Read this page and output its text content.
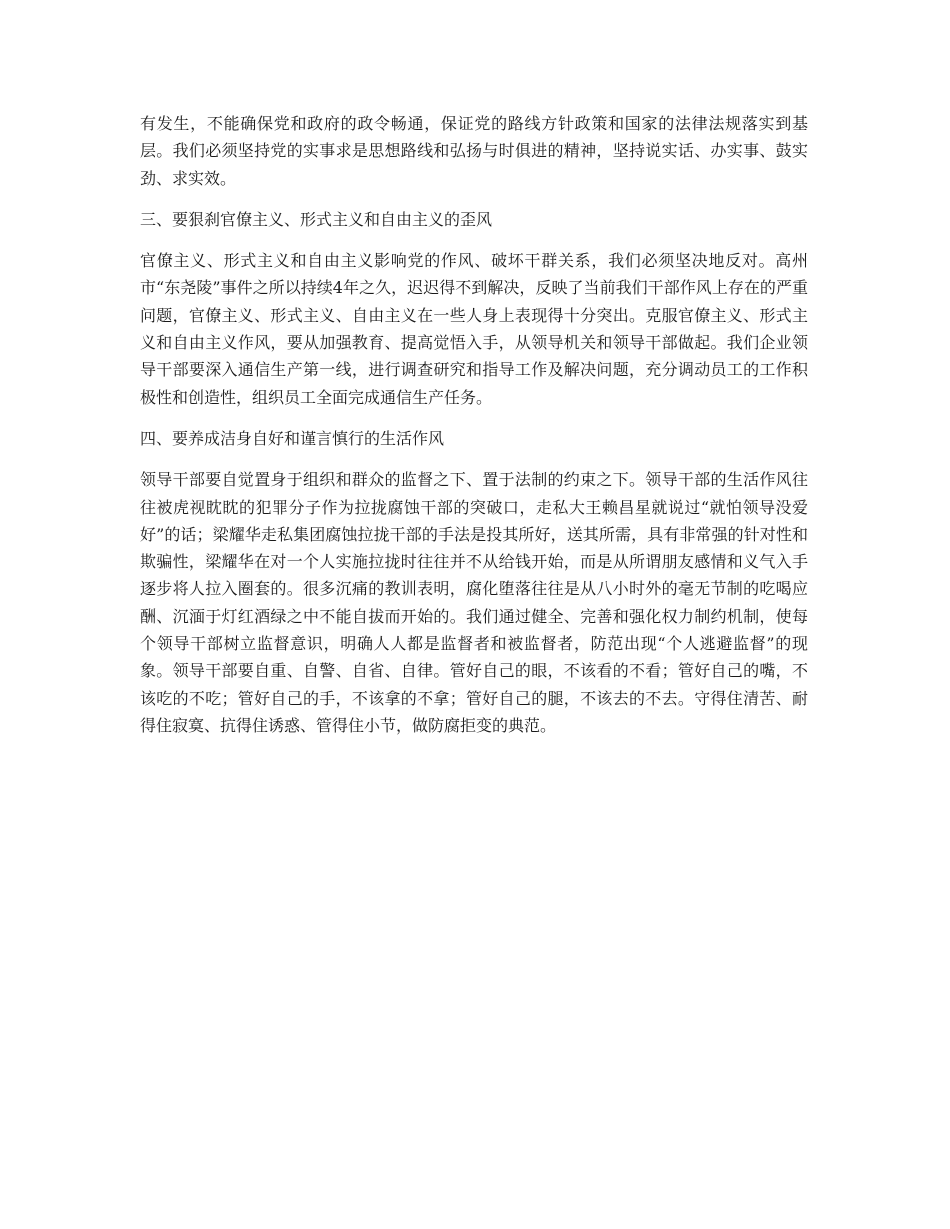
有发生，不能确保党和政府的政令畅通，保证党的路线方针政策和国家的法律法规落实到基层。我们必须坚持党的实事求是思想路线和弘扬与时俱进的精神，坚持说实话、办实事、鼓实劲、求实效。

三、要狠刹官僚主义、形式主义和自由主义的歪风

官僚主义、形式主义和自由主义影响党的作风、破坏干群关系，我们必须坚决地反对。高州市“东尧陵”事件之所以持续4年之久，迟迟得不到解决，反映了当前我们干部作风上存在的严重问题，官僚主义、形式主义、自由主义在一些人身上表现得十分突出。克服官僚主义、形式主义和自由主义作风，要从加强教育、提高觉悟入手，从领导机关和领导干部做起。我们企业领导干部要深入通信生产第一线，进行调查研究和指导工作及解决问题，充分调动员工的工作积极性和创造性，组织员工全面完成通信生产任务。

四、要养成洁身自好和谨言慎行的生活作风

领导干部要自觉置身于组织和群众的监督之下、置于法制的约束之下。领导干部的生活作风往往被虎视眈眈的犯罪分子作为拉拢腐蚀干部的突破口，走私大王赖昌星就说过“就怕领导没爱好”的话；梁耀华走私集团腐蚀拉拢干部的手法是投其所好，送其所需，具有非常强的针对性和欺骗性，梁耀华在对一个人实施拉拢时往往并不从给钱开始，而是从所谓朋友感情和义气入手逐步将人拉入圈套的。很多沉痛的教训表明，腐化堕落往往是从八小时外的毫无节制的吃喝应酬、沉湎于灯红酒绿之中不能自拔而开始的。我们通过健全、完善和强化权力制约机制，使每个领导干部树立监督意识，明确人人都是监督者和被监督者，防范出现“个人逃避监督”的现象。领导干部要自重、自警、自省、自律。管好自己的眼，不该看的不看；管好自己的嘴，不该吃的不吃；管好自己的手，不该拿的不拿；管好自己的腿，不该去的不去。守得住清苦、耐得住寂寞、抗得住诱惑、管得住小节，做防腐拒变的典范。
